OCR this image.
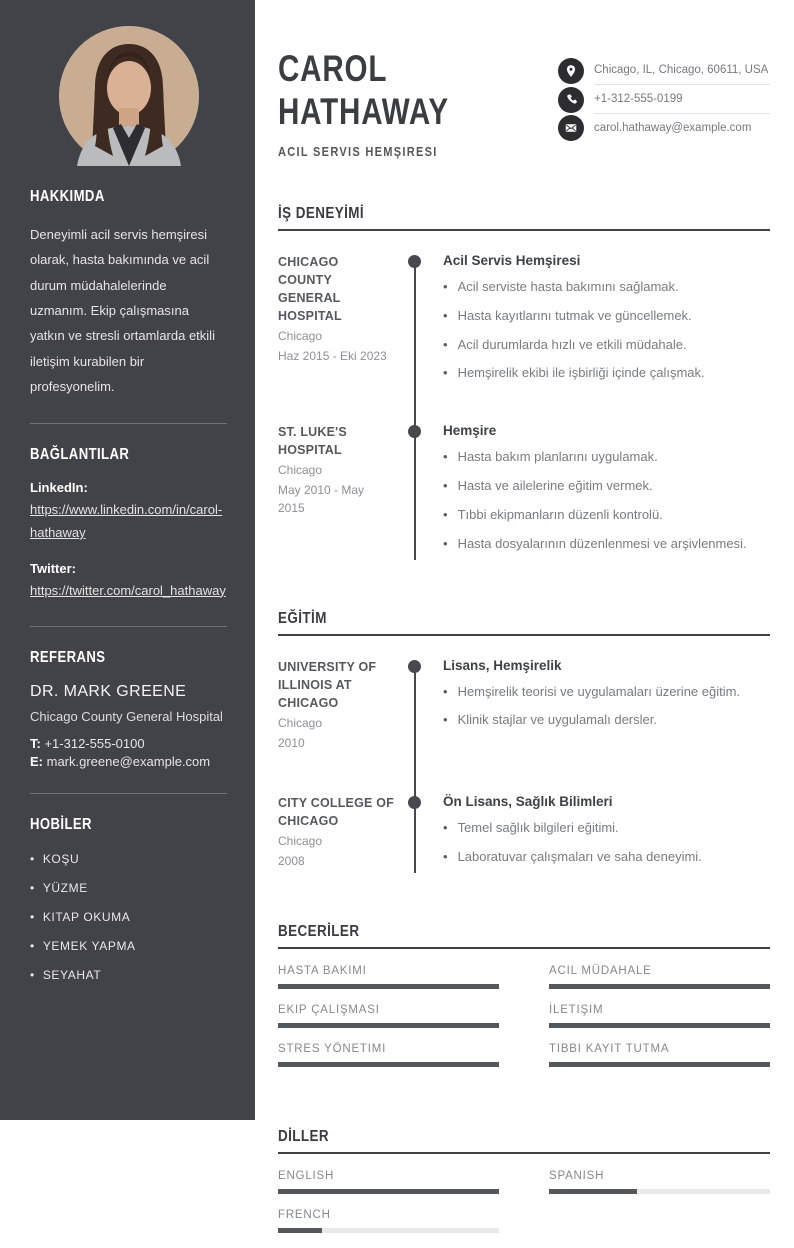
HAKKIMDA

Deneyimli acil servis hemşiresi olarak, hasta bakımında ve acil durum müdahalelerinde uzmanım. Ekip çalışmasına yatkın ve stresli ortamlarda etkili iletişim kurabilen bir profesyonelim.

BAĞLANTILAR
LinkedIn:
https://www.linkedin.com/in/carol-hathaway
Twitter:
https://twitter.com/carol_hathaway
REFERANS
DR. MARK GREENE
Chicago County General Hospital
T: +1-312-555-0100
E: mark.greene@example.com
HOBİLER
• KOŞU
• YÜZME
• KITAP OKUMA
• YEMEK YAPMA
• SEYAHAT
CAROL
HATHAWAY
ACIL SERVIS HEMŞIRESI
Chicago, IL, Chicago, 60611, USA
+1-312-555-0199
carol.hathaway@example.com
İŞ DENEYİMİ
CHICAGO COUNTY GENERAL HOSPITAL
Chicago
Haz 2015 - Eki 2023
Acil Servis Hemşiresi
• Acil serviste hasta bakımını sağlamak.
• Hasta kayıtlarını tutmak ve güncellemek.
• Acil durumlarda hızlı ve etkili müdahale.
• Hemşirelik ekibi ile işbirliği içinde çalışmak.
ST. LUKE'S HOSPITAL
Chicago
May 2010 - May 2015
Hemşire
• Hasta bakım planlarını uygulamak.
• Hasta ve ailelerine eğitim vermek.
• Tıbbi ekipmanların düzenli kontrolü.
• Hasta dosyalarının düzenlenmesi ve arşivlenmesi.
EĞİTİM
UNIVERSITY OF ILLINOIS AT CHICAGO
Chicago
2010
Lisans, Hemşirelik
• Hemşirelik teorisi ve uygulamaları üzerine eğitim.
• Klinik stajlar ve uygulamalı dersler.
CITY COLLEGE OF CHICAGO
Chicago
2008
Ön Lisans, Sağlık Bilimleri
• Temel sağlık bilgileri eğitimi.
• Laboratuvar çalışmaları ve saha deneyimi.
BECERİLER
HASTA BAKIMI	ACIL MÜDAHALE
EKIP ÇALIŞMASI	İLETIŞIM
STRES YÖNETIMI	TIBBI KAYIT TUTMA
DİLLER
ENGLISH	SPANISH
FRENCH
